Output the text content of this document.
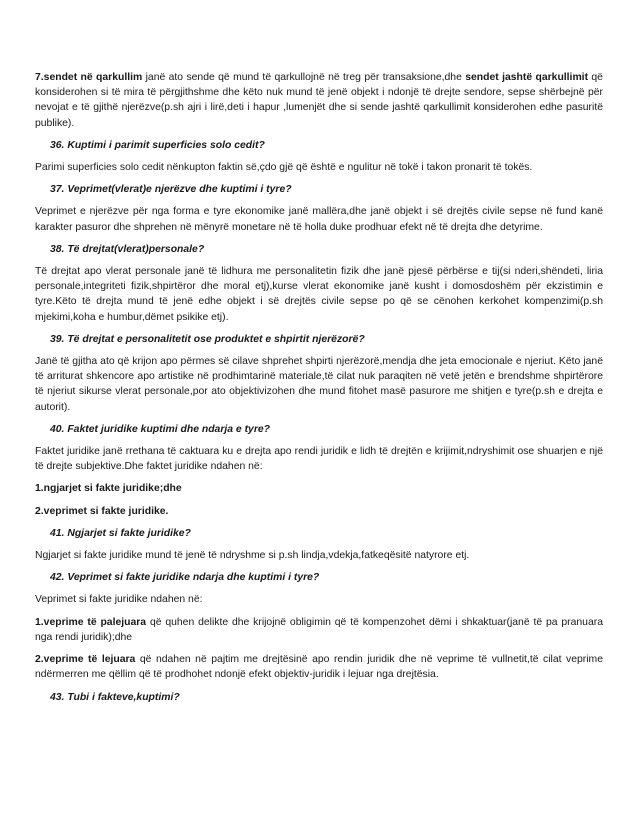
7.sendet në qarkullim janë ato sende që mund të qarkullojnë në treg për transaksione,dhe sendet jashtë qarkullimit që konsiderohen si të mira të përgjithshme dhe këto nuk mund të jenë objekt i ndonjë të drejte sendore, sepse shërbejnë për nevojat e të gjithë njerëzve(p.sh ajri i lirë,deti i hapur ,lumenjët dhe si sende jashtë qarkullimit konsiderohen edhe pasuritë publike).

36. Kuptimi i parimit superficies solo cedit?

Parimi superficies solo cedit nënkupton faktin së,çdo gjë që është e ngulitur në tokë i takon pronarit të tokës.

37. Veprimet(vlerat)e njerëzve dhe kuptimi i tyre?

Veprimet e njerëzve për nga forma e tyre ekonomike janë mallëra,dhe janë objekt i së drejtës civile sepse në fund kanë karakter pasuror dhe shprehen në mënyrë monetare në të holla duke prodhuar efekt në të drejta dhe detyrime.

38. Të drejtat(vlerat)personale?

Të drejtat apo vlerat personale janë të lidhura me personalitetin fizik dhe janë pjesë përbërse e tij(si nderi,shëndeti, liria personale,integriteti fizik,shpirtëror dhe moral etj),kurse vlerat ekonomike janë kusht i domosdoshëm për ekzistimin e tyre.Këto të drejta mund të jenë edhe objekt i së drejtës civile sepse po që se cënohen kerkohet kompenzimi(p.sh mjekimi,koha e humbur,dëmet psikike etj).

39. Të drejtat e personalitetit ose produktet e shpirtit njerëzorë?

Janë të gjitha ato që krijon apo përmes së cilave shprehet shpirti njerëzorë,mendja dhe jeta emocionale e njeriut. Këto janë të arriturat shkencore apo artistike në prodhimtarinë materiale,të cilat nuk paraqiten në vetë jetën e brendshme shpirtërore të njeriut sikurse vlerat personale,por ato objektivizohen dhe mund fitohet masë pasurore me shitjen e tyre(p.sh e drejta e autorit).

40. Faktet juridike kuptimi dhe ndarja e tyre?

Faktet juridike janë rrethana të caktuara ku e drejta apo rendi juridik e lidh të drejtën e krijimit,ndryshimit ose shuarjen e një të drejte subjektive.Dhe faktet juridike ndahen në:

1.ngjarjet si fakte juridike;dhe

2.veprimet si fakte juridike.

41. Ngjarjet si fakte juridike?

Ngjarjet si fakte juridike mund të jenë të ndryshme si p.sh lindja,vdekja,fatkeqësitë natyrore etj.

42. Veprimet si fakte juridike ndarja dhe kuptimi i tyre?

Veprimet si fakte juridike ndahen në:

1.veprime të palejuara që quhen delikte dhe krijojnë obligimin që të kompenzohet dëmi i shkaktuar(janë të pa pranuara nga rendi juridik);dhe

2.veprime të lejuara që ndahen në pajtim me drejtësinë apo rendin juridik dhe në veprime të vullnetit,të cilat veprime ndërmerren me qëllim që të prodhohet ndonjë efekt objektiv-juridik i lejuar nga drejtësia.

43. Tubi i fakteve,kuptimi?
